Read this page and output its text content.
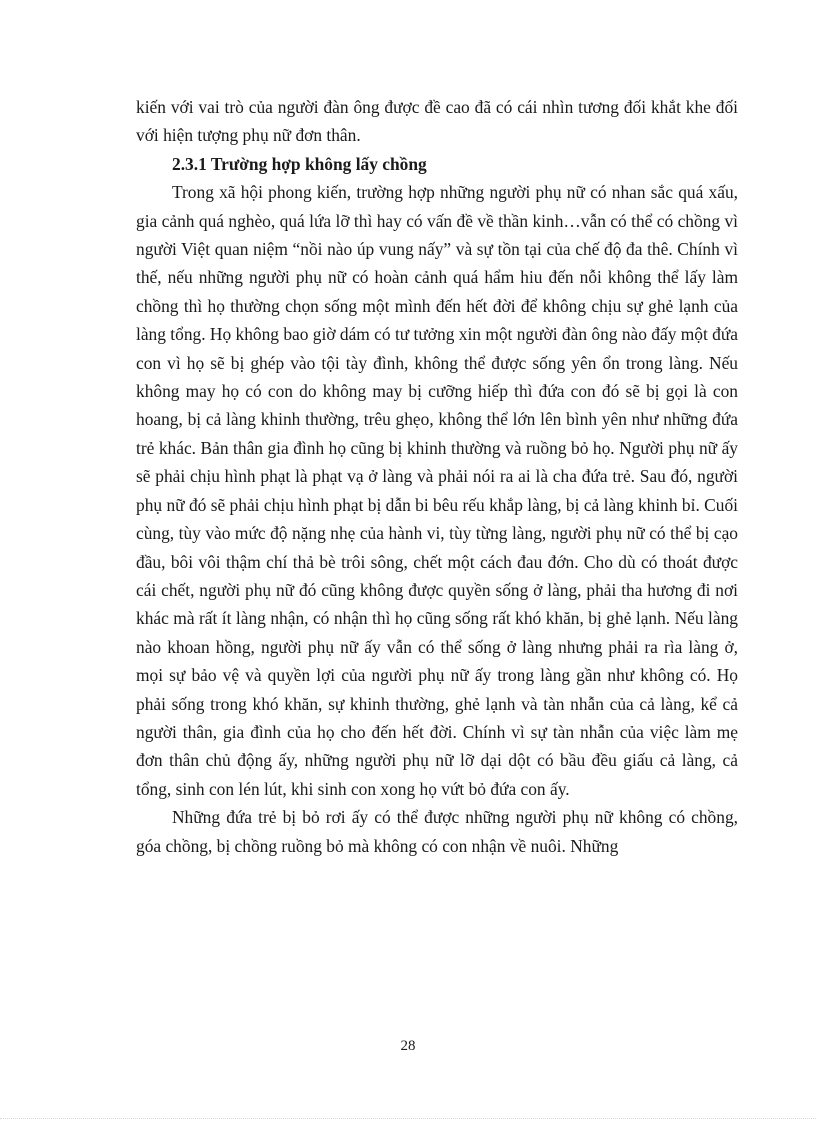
kiến với vai trò của người đàn ông được đề cao đã có cái nhìn tương đối khắt khe đối với hiện tượng phụ nữ đơn thân.

2.3.1 Trường hợp không lấy chồng

Trong xã hội phong kiến, trường hợp những người phụ nữ có nhan sắc quá xấu, gia cảnh quá nghèo, quá lứa lỡ thì hay có vấn đề về thần kinh…vẫn có thể có chồng vì người Việt quan niệm “nồi nào úp vung nấy” và sự tồn tại của chế độ đa thê. Chính vì thế, nếu những người phụ nữ có hoàn cảnh quá hẩm hiu đến nỗi không thể lấy làm chồng thì họ thường chọn sống một mình đến hết đời để không chịu sự ghẻ lạnh của làng tổng. Họ không bao giờ dám có tư tưởng xin một người đàn ông nào đấy một đứa con vì họ sẽ bị ghép vào tội tày đình, không thể được sống yên ổn trong làng. Nếu không may họ có con do không may bị cưỡng hiếp thì đứa con đó sẽ bị gọi là con hoang, bị cả làng khinh thường, trêu ghẹo, không thể lớn lên bình yên như những đứa trẻ khác. Bản thân gia đình họ cũng bị khinh thường và ruồng bỏ họ. Người phụ nữ ấy sẽ phải chịu hình phạt là phạt vạ ở làng và phải nói ra ai là cha đứa trẻ. Sau đó, người phụ nữ đó sẽ phải chịu hình phạt bị dẫn bi bêu rếu khắp làng, bị cả làng khinh bỉ. Cuối cùng, tùy vào mức độ nặng nhẹ của hành vi, tùy từng làng, người phụ nữ có thể bị cạo đầu, bôi vôi thậm chí thả bè trôi sông, chết một cách đau đớn. Cho dù có thoát được cái chết, người phụ nữ đó cũng không được quyền sống ở làng, phải tha hương đi nơi khác mà rất ít làng nhận, có nhận thì họ cũng sống rất khó khăn, bị ghẻ lạnh. Nếu làng nào khoan hồng, người phụ nữ ấy vẫn có thể sống ở làng nhưng phải ra rìa làng ở, mọi sự bảo vệ và quyền lợi của người phụ nữ ấy trong làng gần như không có. Họ phải sống trong khó khăn, sự khinh thường, ghẻ lạnh và tàn nhẫn của cả làng, kể cả người thân, gia đình của họ cho đến hết đời. Chính vì sự tàn nhẫn của việc làm mẹ đơn thân chủ động ấy, những người phụ nữ lỡ dại dột có bầu đều giấu cả làng, cả tổng, sinh con lén lút, khi sinh con xong họ vứt bỏ đứa con ấy.

Những đứa trẻ bị bỏ rơi ấy có thể được những người phụ nữ không có chồng, góa chồng, bị chồng ruồng bỏ mà không có con nhận về nuôi. Những

28
